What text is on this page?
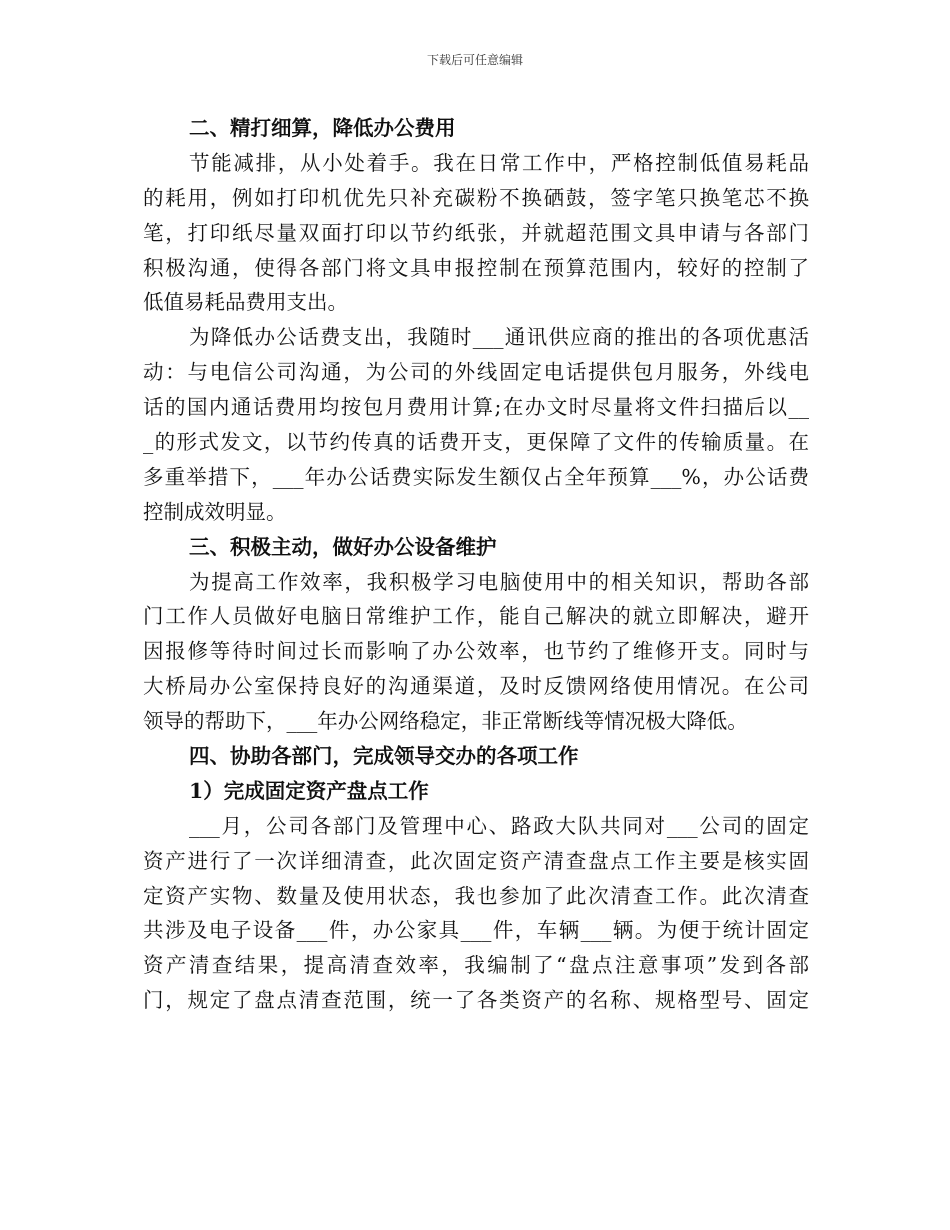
下载后可任意编辑
二、精打细算，降低办公费用
节能减排，从小处着手。我在日常工作中，严格控制低值易耗品
的耗用，例如打印机优先只补充碳粉不换硒鼓，签字笔只换笔芯不换
笔，打印纸尽量双面打印以节约纸张，并就超范围文具申请与各部门
积极沟通，使得各部门将文具申报控制在预算范围内，较好的控制了
低值易耗品费用支出。
为降低办公话费支出，我随时___通讯供应商的推出的各项优惠活
动：与电信公司沟通，为公司的外线固定电话提供包月服务，外线电
话的国内通话费用均按包月费用计算;在办文时尽量将文件扫描后以__
_的形式发文，以节约传真的话费开支，更保障了文件的传输质量。在
多重举措下，___年办公话费实际发生额仅占全年预算___%，办公话费
控制成效明显。
三、积极主动，做好办公设备维护
为提高工作效率，我积极学习电脑使用中的相关知识，帮助各部
门工作人员做好电脑日常维护工作，能自己解决的就立即解决，避开
因报修等待时间过长而影响了办公效率，也节约了维修开支。同时与
大桥局办公室保持良好的沟通渠道，及时反馈网络使用情况。在公司
领导的帮助下，___年办公网络稳定，非正常断线等情况极大降低。
四、协助各部门，完成领导交办的各项工作
1）完成固定资产盘点工作
___月，公司各部门及管理中心、路政大队共同对___公司的固定
资产进行了一次详细清查，此次固定资产清查盘点工作主要是核实固
定资产实物、数量及使用状态，我也参加了此次清查工作。此次清查
共涉及电子设备___件，办公家具___件，车辆___辆。为便于统计固定
资产清查结果，提高清查效率，我编制了“盘点注意事项”发到各部
门，规定了盘点清查范围，统一了各类资产的名称、规格型号、固定
